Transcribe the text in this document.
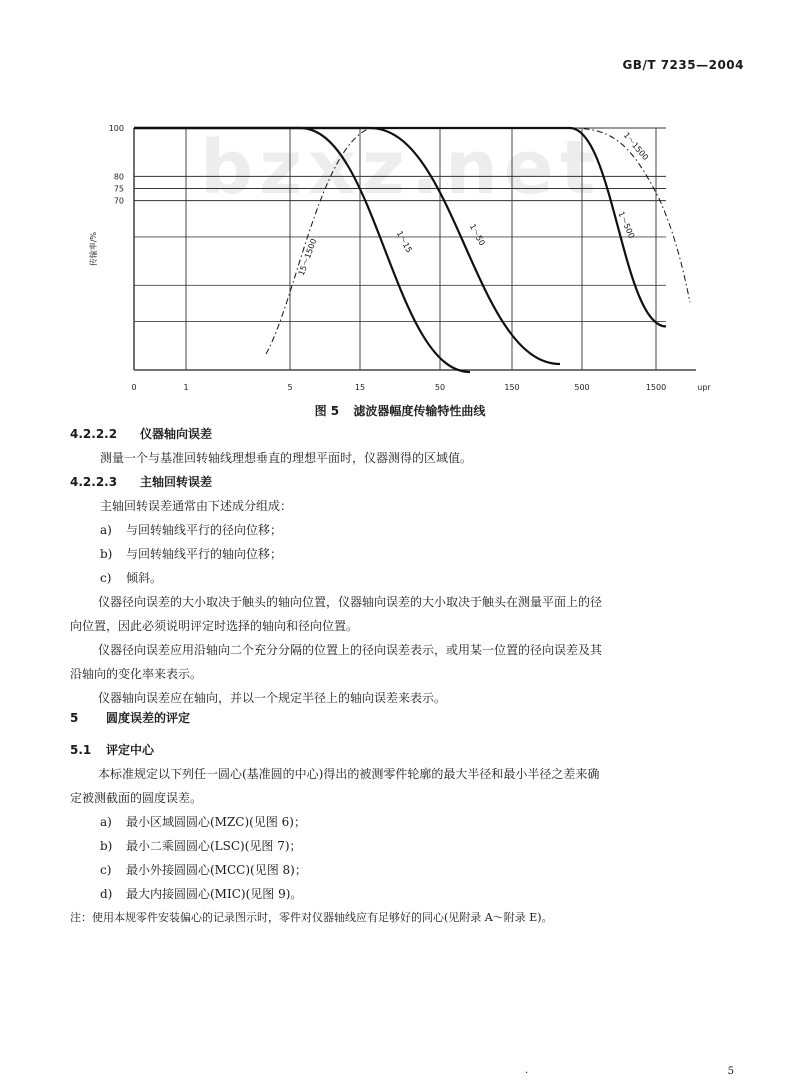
GB/T 7235—2004
bzxz.net
100
80
75
70
0	1	5	15	50	150	500	1500	upr
传输率/%	1～15	1～50	1～500
15～1500
1～1500
图 5 滤波器幅度传输特性曲线
4.2.2.2 仪器轴向误差
测量一个与基准回转轴线理想垂直的理想平面时，仪器测得的区域值。
4.2.2.3 主轴回转误差
主轴回转误差通常由下述成分组成：
a) 与回转轴线平行的径向位移；
b) 与回转轴线平行的轴向位移；
c) 倾斜。
仪器径向误差的大小取决于触头的轴向位置，仪器轴向误差的大小取决于触头在测量平面上的径
向位置，因此必须说明评定时选择的轴向和径向位置。
仪器径向误差应用沿轴向二个充分分隔的位置上的径向误差表示，或用某一位置的径向误差及其
沿轴向的变化率来表示。
仪器轴向误差应在轴向，并以一个规定半径上的轴向误差来表示。
5 圆度误差的评定
5.1 评定中心
本标准规定以下列任一圆心(基准圆的中心)得出的被测零件轮廓的最大半径和最小半径之差来确
定被测截面的圆度误差。
a) 最小区域圆圆心(MZC)(见图 6)；
b) 最小二乘圆圆心(LSC)(见图 7)；
c) 最小外接圆圆心(MCC)(见图 8)；
d) 最大内接圆圆心(MIC)(见图 9)。
注：使用本规零件安装偏心的记录图示时，零件对仪器轴线应有足够好的同心(见附录 A～附录 E)。
·	5
